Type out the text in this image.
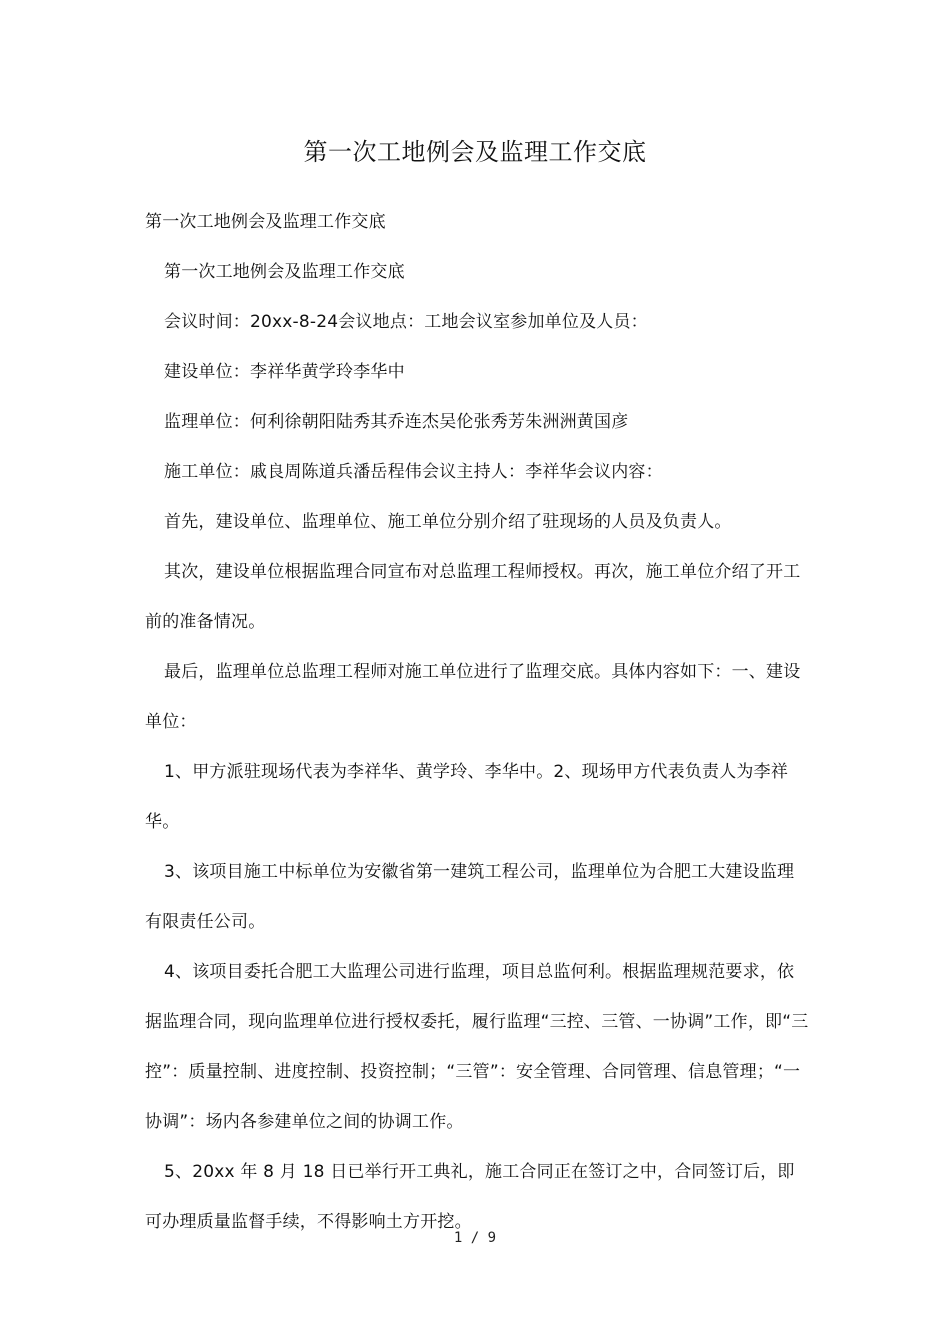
第一次工地例会及监理工作交底​

第一次工地例会及监理工作交底

第一次工地例会及监理工作交底

会议时间：20xx-8-24会议地点：工地会议室参加单位及人员：

建设单位：李祥华黄学玲李华中

监理单位：何利徐朝阳陆秀其乔连杰吴伦张秀芳朱洲洲黄国彦

施工单位：戚良周陈道兵潘岳程伟会议主持人：李祥华会议内容：

首先，建设单位、监理单位、施工单位分别介绍了驻现场的人员及负责人。

其次，建设单位根据监理合同宣布对总监理工程师授权。再次，施工单位介绍了开工前的准备情况。

最后，监理单位总监理工程师对施工单位进行了监理交底。具体内容如下：一、建设单位：

1、甲方派驻现场代表为李祥华、黄学玲、李华中。2、现场甲方代表负责人为李祥华。

3、该项目施工中标单位为安徽省第一建筑工程公司，监理单位为合肥工大建设监理有限责任公司。

4、该项目委托合肥工大监理公司进行监理，项目总监何利。根据监理规范要求，依据监理合同，现向监理单位进行授权委托，履行监理“三控、三管、一协调”工作，即“三控”：质量控制、进度控制、投资控制；“三管”：安全管理、合同管理、信息管理；“一协调”：场内各参建单位之间的协调工作。

5、20xx 年 8 月 18 日已举行开工典礼，施工合同正在签订之中，合同签订后，即可办理质量监督手续，不得影响土方开挖。

1 / 9
